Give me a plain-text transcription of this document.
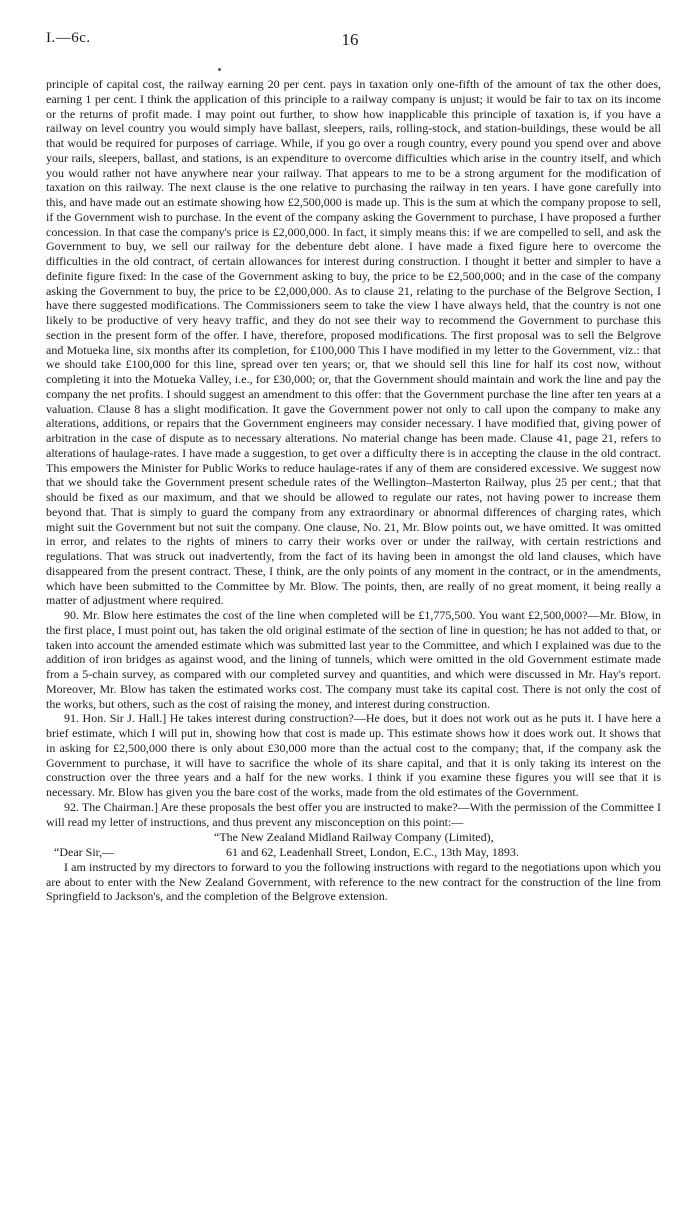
I.—6c.	16

principle of capital cost, the railway earning 20 per cent. pays in taxation only one-fifth of the amount of tax the other does, earning 1 per cent. I think the application of this principle to a railway company is unjust; it would be fair to tax on its income or the returns of profit made. I may point out further, to show how inapplicable this principle of taxation is, if you have a railway on level country you would simply have ballast, sleepers, rails, rolling-stock, and station-buildings, these would be all that would be required for purposes of carriage. While, if you go over a rough country, every pound you spend over and above your rails, sleepers, ballast, and stations, is an expenditure to overcome difficulties which arise in the country itself, and which you would rather not have anywhere near your railway. That appears to me to be a strong argument for the modification of taxation on this railway. The next clause is the one relative to purchasing the railway in ten years. I have gone carefully into this, and have made out an estimate showing how £2,500,000 is made up. This is the sum at which the company propose to sell, if the Government wish to purchase. In the event of the company asking the Government to purchase, I have proposed a further concession. In that case the company's price is £2,000,000. In fact, it simply means this: if we are compelled to sell, and ask the Government to buy, we sell our railway for the debenture debt alone. I have made a fixed figure here to overcome the difficulties in the old contract, of certain allowances for interest during construction. I thought it better and simpler to have a definite figure fixed: In the case of the Government asking to buy, the price to be £2,500,000; and in the case of the company asking the Government to buy, the price to be £2,000,000. As to clause 21, relating to the purchase of the Belgrove Section, I have there suggested modifications. The Commissioners seem to take the view I have always held, that the country is not one likely to be productive of very heavy traffic, and they do not see their way to recommend the Government to purchase this section in the present form of the offer. I have, therefore, proposed modifications. The first proposal was to sell the Belgrove and Motueka line, six months after its completion, for £100,000 This I have modified in my letter to the Government, viz.: that we should take £100,000 for this line, spread over ten years; or, that we should sell this line for half its cost now, without completing it into the Motueka Valley, i.e., for £30,000; or, that the Government should maintain and work the line and pay the company the net profits. I should suggest an amendment to this offer: that the Government purchase the line after ten years at a valuation. Clause 8 has a slight modification. It gave the Government power not only to call upon the company to make any alterations, additions, or repairs that the Government engineers may consider necessary. I have modified that, giving power of arbitration in the case of dispute as to necessary alterations. No material change has been made. Clause 41, page 21, refers to alterations of haulage-rates. I have made a suggestion, to get over a difficulty there is in accepting the clause in the old contract. This empowers the Minister for Public Works to reduce haulage-rates if any of them are considered excessive. We suggest now that we should take the Government present schedule rates of the Wellington–Masterton Railway, plus 25 per cent.; that that should be fixed as our maximum, and that we should be allowed to regulate our rates, not having power to increase them beyond that. That is simply to guard the company from any extraordinary or abnormal differences of charging rates, which might suit the Government but not suit the company. One clause, No. 21, Mr. Blow points out, we have omitted. It was omitted in error, and relates to the rights of miners to carry their works over or under the railway, with certain restrictions and regulations. That was struck out inadvertently, from the fact of its having been in amongst the old land clauses, which have disappeared from the present contract. These, I think, are the only points of any moment in the contract, or in the amendments, which have been submitted to the Committee by Mr. Blow. The points, then, are really of no great moment, it being really a matter of adjustment where required.

90. Mr. Blow here estimates the cost of the line when completed will be £1,775,500. You want £2,500,000?—Mr. Blow, in the first place, I must point out, has taken the old original estimate of the section of line in question; he has not added to that, or taken into account the amended estimate which was submitted last year to the Committee, and which I explained was due to the addition of iron bridges as against wood, and the lining of tunnels, which were omitted in the old Government estimate made from a 5-chain survey, as compared with our completed survey and quantities, and which were discussed in Mr. Hay's report. Moreover, Mr. Blow has taken the estimated works cost. The company must take its capital cost. There is not only the cost of the works, but others, such as the cost of raising the money, and interest during construction.

91. Hon. Sir J. Hall.] He takes interest during construction?—He does, but it does not work out as he puts it. I have here a brief estimate, which I will put in, showing how that cost is made up. This estimate shows how it does work out. It shows that in asking for £2,500,000 there is only about £30,000 more than the actual cost to the company; that, if the company ask the Government to purchase, it will have to sacrifice the whole of its share capital, and that it is only taking its interest on the construction over the three years and a half for the new works. I think if you examine these figures you will see that it is necessary. Mr. Blow has given you the bare cost of the works, made from the old estimates of the Government.

92. The Chairman.] Are these proposals the best offer you are instructed to make?—With the permission of the Committee I will read my letter of instructions, and thus prevent any misconception on this point:—

“The New Zealand Midland Railway Company (Limited),
“Dear Sir,—	61 and 62, Leadenhall Street, London, E.C., 13th May, 1893.

I am instructed by my directors to forward to you the following instructions with regard to the negotiations upon which you are about to enter with the New Zealand Government, with reference to the new contract for the construction of the line from Springfield to Jackson's, and the completion of the Belgrove extension.
